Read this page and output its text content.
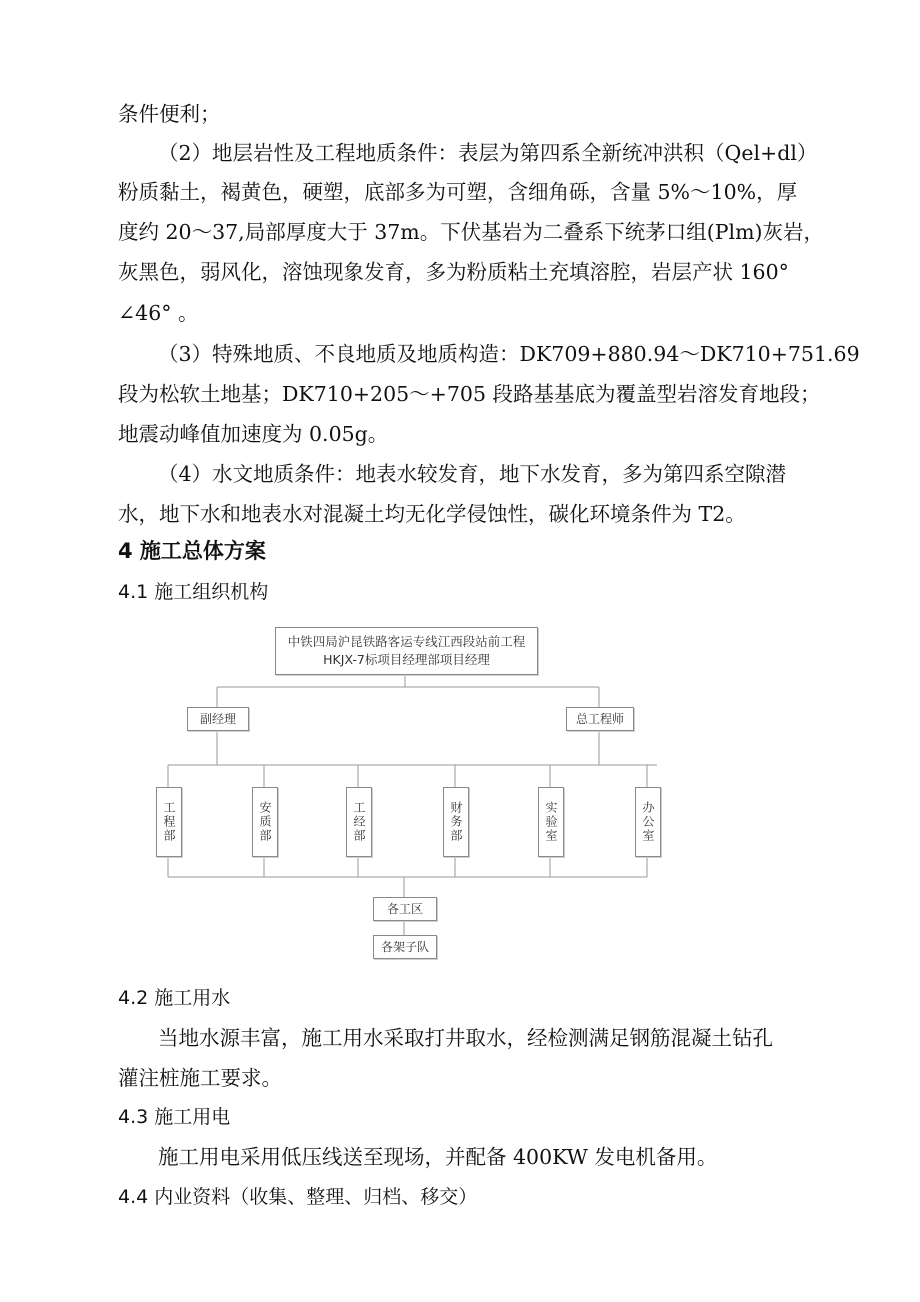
条件便利；
（2）地层岩性及工程地质条件：表层为第四系全新统冲洪积（Qel+dl）
粉质黏土，褐黄色，硬塑，底部多为可塑，含细角砾，含量 5%～10%，厚
度约 20～37,局部厚度大于 37m。下伏基岩为二叠系下统茅口组(Plm)灰岩，
灰黑色，弱风化，溶蚀现象发育，多为粉质粘土充填溶腔，岩层产状 160°
∠46° 。
（3）特殊地质、不良地质及地质构造：DK709+880.94～DK710+751.69
段为松软土地基；DK710+205～+705 段路基基底为覆盖型岩溶发育地段；
地震动峰值加速度为 0.05g。
（4）水文地质条件：地表水较发育，地下水发育，多为第四系空隙潜
水，地下水和地表水对混凝土均无化学侵蚀性，碳化环境条件为 T2。
4 施工总体方案
4.1 施工组织机构
中铁四局沪昆铁路客运专线江西段站前工程
HKJX-7标项目经理部项目经理
副经理	总工程师
工程部	安质部	工经部	财务部	实验室	办公室
各工区
各架子队
4.2 施工用水
当地水源丰富，施工用水采取打井取水，经检测满足钢筋混凝土钻孔
灌注桩施工要求。
4.3 施工用电
施工用电采用低压线送至现场，并配备 400KW 发电机备用。
4.4 内业资料（收集、整理、归档、移交）
